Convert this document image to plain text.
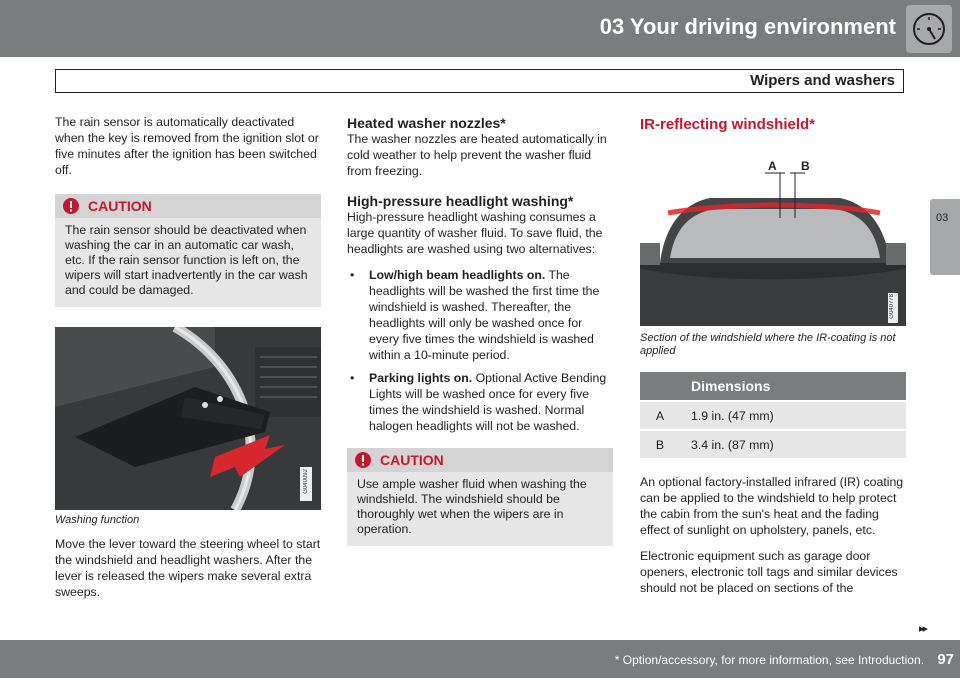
03 Your driving environment
Wipers and washers
03

The rain sensor is automatically deactivated when the key is removed from the ignition slot or five minutes after the ignition has been switched off.

CAUTION
The rain sensor should be deactivated when washing the car in an automatic car wash, etc. If the rain sensor function is left on, the wipers will start inadvertently in the car wash and could be damaged.
G040092
Washing function

Move the lever toward the steering wheel to start the windshield and headlight washers. After the lever is released the wipers make several extra sweeps.

Heated washer nozzles*

The washer nozzles are heated automatically in cold weather to help prevent the washer fluid from freezing.

High-pressure headlight washing*

High-pressure headlight washing consumes a large quantity of washer fluid. To save fluid, the headlights are washed using two alternatives:

• Low/high beam headlights on. The headlights will be washed the first time the windshield is washed. Thereafter, the headlights will only be washed once for every five times the windshield is washed within a 10-minute period.
• Parking lights on. Optional Active Bending Lights will be washed once for every five times the windshield is washed. Normal halogen headlights will not be washed.
CAUTION
Use ample washer fluid when washing the windshield. The windshield should be thoroughly wet when the wipers are in operation.
IR-reflecting windshield*
A B
G040778
Section of the windshield where the IR-coating is not applied
	Dimensions
A	1.9 in. (47 mm)
B	3.4 in. (87 mm)

An optional factory-installed infrared (IR) coating can be applied to the windshield to help protect the cabin from the sun's heat and the fading effect of sunlight on upholstery, panels, etc.

Electronic equipment such as garage door openers, electronic toll tags and similar devices should not be placed on sections of the

▸▸
* Option/accessory, for more information, see Introduction. 97
